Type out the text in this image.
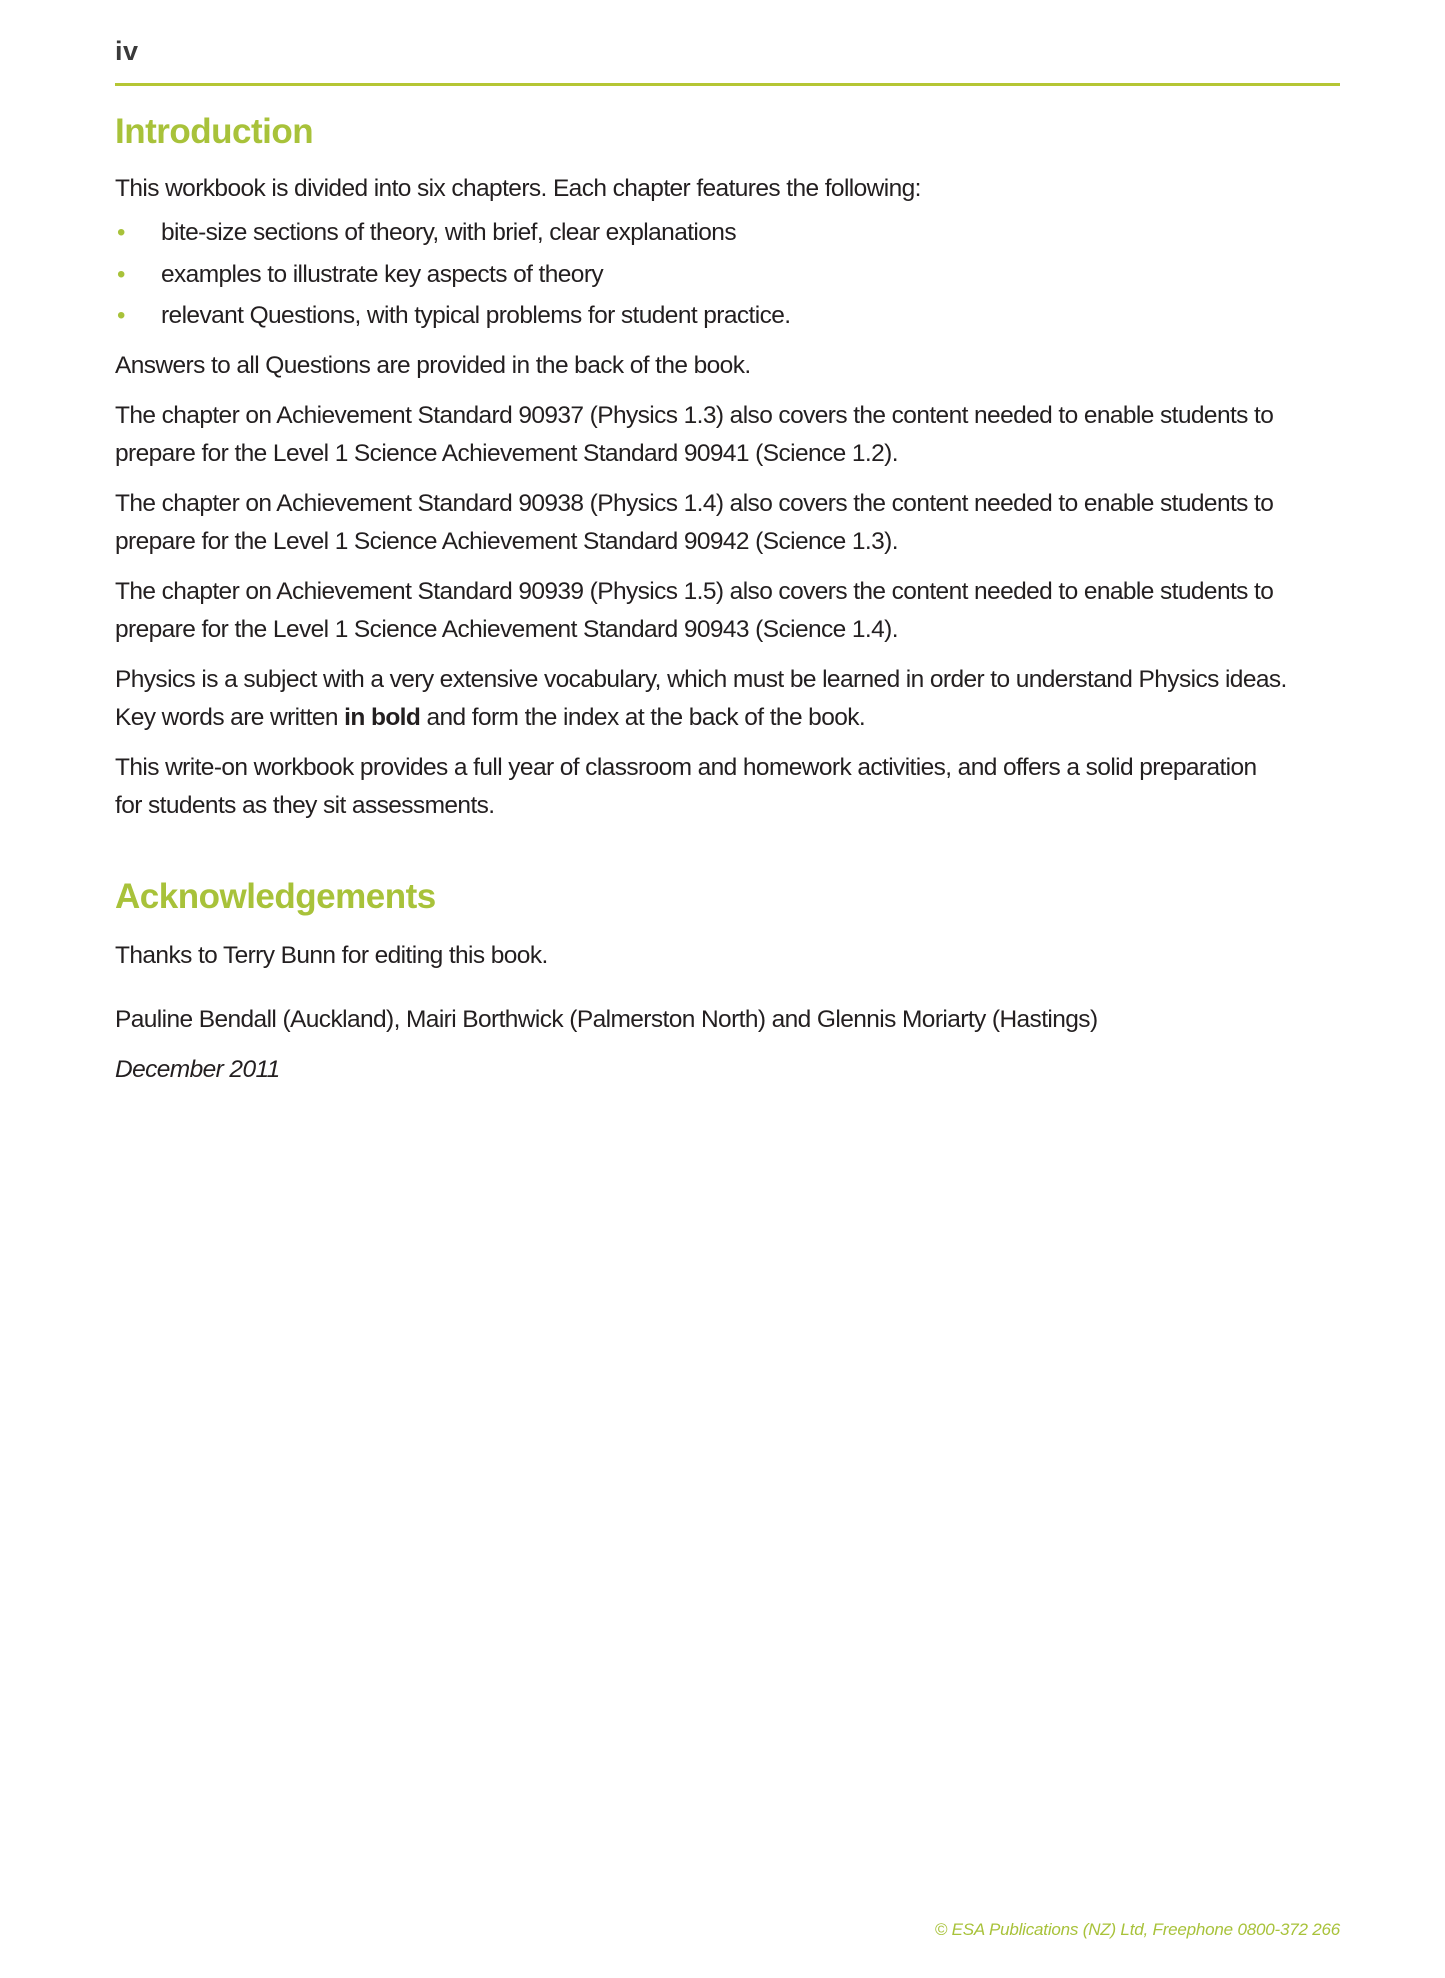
iv
Introduction

This workbook is divided into six chapters. Each chapter features the following:

• bite-size sections of theory, with brief, clear explanations
• examples to illustrate key aspects of theory
• relevant Questions, with typical problems for student practice.

Answers to all Questions are provided in the back of the book.

The chapter on Achievement Standard 90937 (Physics 1.3) also covers the content needed to enable students to
prepare for the Level 1 Science Achievement Standard 90941 (Science 1.2).

The chapter on Achievement Standard 90938 (Physics 1.4) also covers the content needed to enable students to
prepare for the Level 1 Science Achievement Standard 90942 (Science 1.3).

The chapter on Achievement Standard 90939 (Physics 1.5) also covers the content needed to enable students to
prepare for the Level 1 Science Achievement Standard 90943 (Science 1.4).

Physics is a subject with a very extensive vocabulary, which must be learned in order to understand Physics ideas.
Key words are written in bold and form the index at the back of the book.

This write-on workbook provides a full year of classroom and homework activities, and offers a solid preparation
for students as they sit assessments.

Acknowledgements

Thanks to Terry Bunn for editing this book.

Pauline Bendall (Auckland), Mairi Borthwick (Palmerston North) and Glennis Moriarty (Hastings)

December 2011

© ESA Publications (NZ) Ltd, Freephone 0800-372 266
